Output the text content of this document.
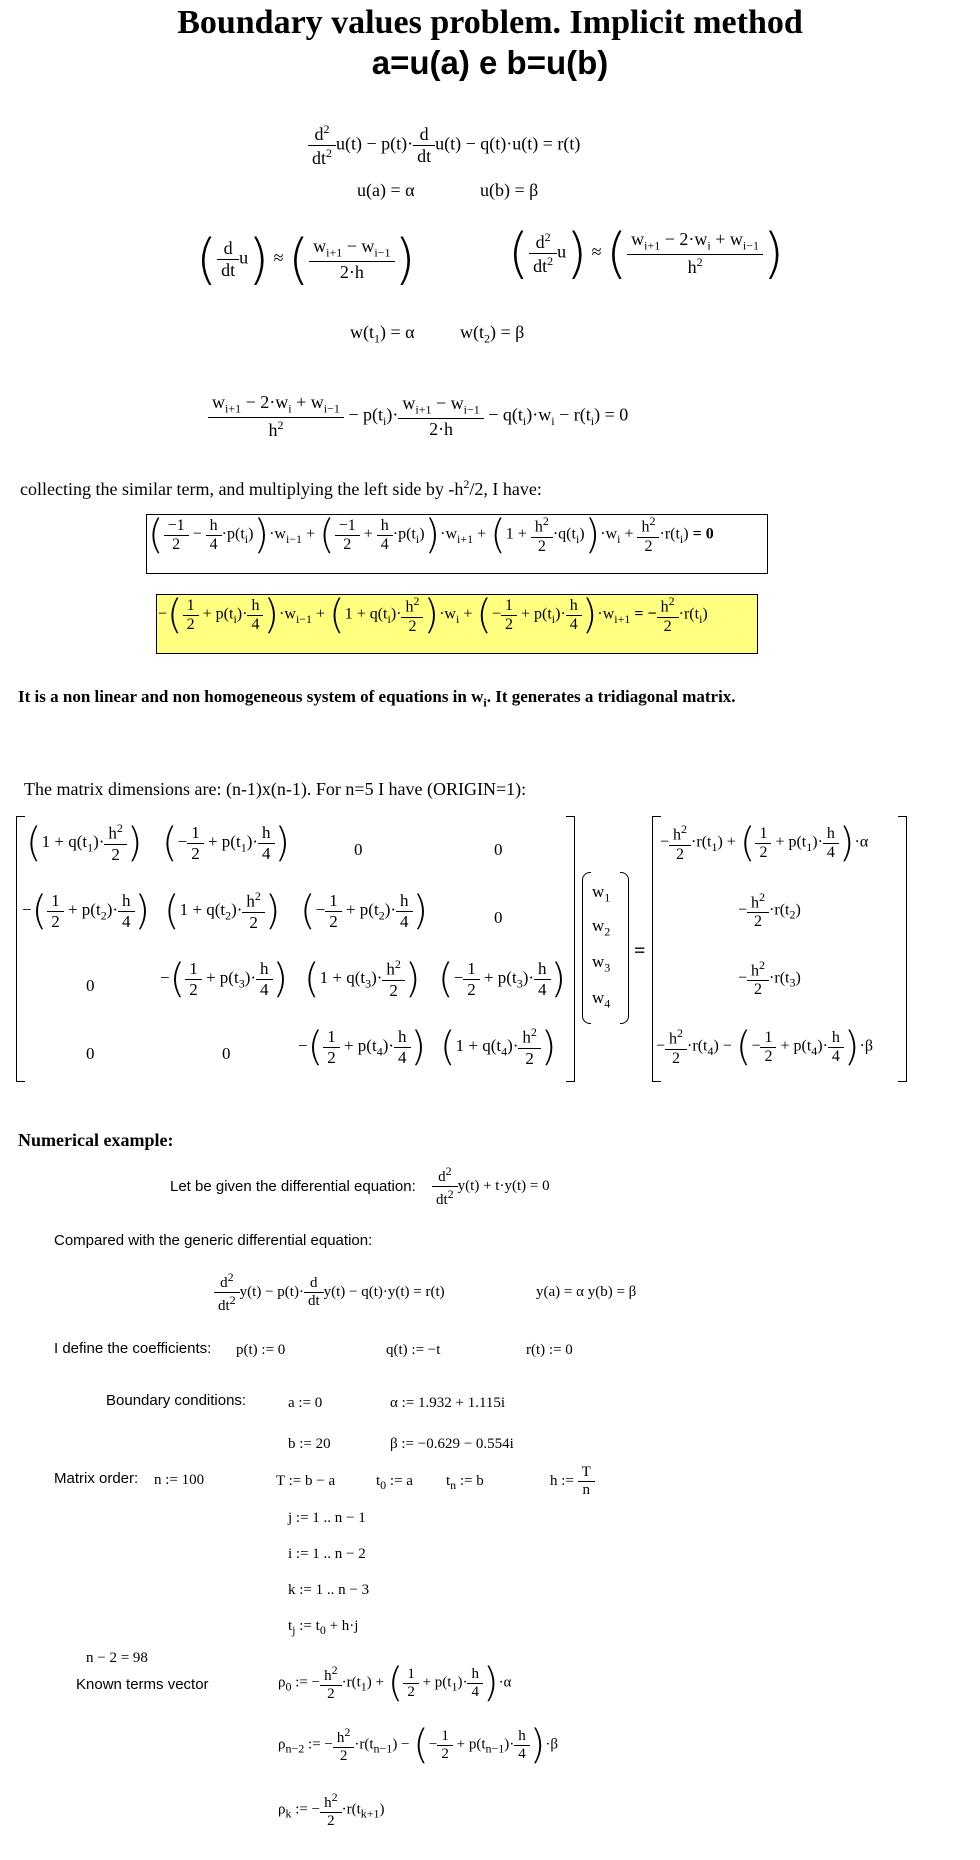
Boundary values problem. Implicit method
a=u(a) e b=u(b)
$\frac{d^2}{dt^2} u(t) - p(t)\cdot \frac{d}{dt} u(t) - q(t)\cdot u(t) = r(t)$
u(a) = α	u(b) = β
( $\frac{d}{dt} u$) ≈ ( $\frac{w_{i+1} - w_{i-1}}{2\cdot h}$ ) ( $\frac{d^2}{dt^2} u$) ≈ ( $\frac{w_{i+1} - 2\cdot w_i + w_{i-1}}{h^2}$ )
$w(t_1) = \alpha$	$w(t_2) = \beta$
$\frac{w_{i+1} - 2\cdot w_i + w_{i-1}}{h^2} - p(t_i)\cdot \frac{w_{i+1} - w_{i-1}}{2\cdot h} - q(t_i)\cdot w_i - r(t_i) = 0$
collecting the similar term, and multiplying the left side by $-h^2/2$, I have:
( $\frac{-1}{2} - \frac{h}{4} \cdot p(t_i))\cdot w_{i-1}$ + ( $\frac{-1}{2} + \frac{h}{4} \cdot p(t_i))\cdot w_{i+1} + (1 + \frac{h^2}{2} \cdot q(t_i))\cdot w_i + \frac{h^2}{2} \cdot r(t_i) = 0$
−( $\frac{1}{2} + p(t_i)\cdot \frac{h}{4} )\cdot w_{i-1} + (1 + q(t_i)\cdot \frac{h^2}{2} )\cdot w_i$ + (− $\frac{1}{2} + p(t_i)\cdot \frac{h}{4} )\cdot w_{i+1}$ = − $\frac{h^2}{2} \cdot r(t_i)$
It is a non linear and non homogeneous system of equations in $w_i$. It generates a tridiagonal matrix.
The matrix dimensions are: (n-1)x(n-1). For n=5 I have (ORIGIN=1):
($1 + q(t_1)\cdot \frac{h^2}{2}$ ) (− $\frac{1}{2} + p(t_1)\cdot \frac{h}{4}$ )	0	0
−( $\frac{1}{2} + p(t_2)\cdot \frac{h}{4}$ ) ($1 + q(t_2)\cdot \frac{h^2}{2}$ ) (− $\frac{1}{2} + p(t_2)\cdot \frac{h}{4}$ )	0
0	−( $\frac{1}{2} + p(t_3)\cdot \frac{h}{4}$ ) ($1 + q(t_3)\cdot \frac{h^2}{2}$ ) (− $\frac{1}{2} + p(t_3)\cdot \frac{h}{4}$ )
0	0	−( $\frac{1}{2} + p(t_4)\cdot \frac{h}{4}$ ) ($1 + q(t_4)\cdot \frac{h^2}{2}$ )
$w_1$
$w_2$
$w_3$
$w_4$
=
− $\frac{h^2}{2} \cdot r(t_1)$ + ( $\frac{1}{2} + p(t_1)\cdot \frac{h}{4} )\cdot\alpha$
− $\frac{h^2}{2} \cdot r(t_2)$
− $\frac{h^2}{2} \cdot r(t_3)$
− $\frac{h^2}{2} \cdot r(t_4)$ − (− $\frac{1}{2} + p(t_4)\cdot \frac{h}{4} )\cdot\beta$
Numerical example:
Let be given the differential equation: $\frac{d^2}{dt^2} y(t) + t\cdot y(t) = 0$
Compared with the generic differential equation:
$\frac{d^2}{dt^2} y(t) - p(t)\cdot \frac{d}{dt} y(t) - q(t)\cdot y(t) = r(t)$	y(a) = α y(b) = β
I define the coefficients: p(t) := 0	q(t) := −t	r(t) := 0
Boundary conditions:	a := 0	α := 1.932 + 1.115i
b := 20	β := −0.629 − 0.554i
Matrix order: n := 100	T := b − a	$t_0$ := a $t_n$ := b	h := $\frac{T}{n}$
j := 1 .. n − 1
i := 1 .. n − 2
k := 1 .. n − 3
$t_j$ := $t_0 + h\cdot j$
n − 2 = 98
Known terms vector	$\rho_0$ := − $\frac{h^2}{2} \cdot r(t_1)$ + ( $\frac{1}{2} + p(t_1)\cdot \frac{h}{4} )\cdot\alpha$
$\rho_{n-2}$ := − $\frac{h^2}{2} \cdot r(t_{n-1})$ − (− $\frac{1}{2} + p(t_{n-1})\cdot \frac{h}{4} )\cdot\beta$
$\rho_k$ := − $\frac{h^2}{2} \cdot r(t_{k+1})$
